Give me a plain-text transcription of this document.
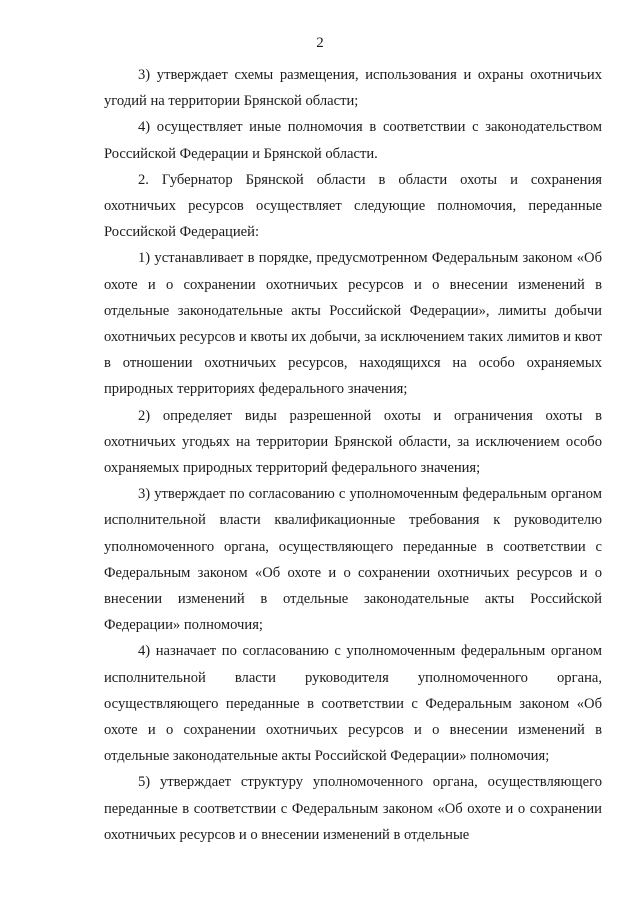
2

3) утверждает схемы размещения, использования и охраны охотничьих угодий на территории Брянской области;

4) осуществляет иные полномочия в соответствии с законодательством Российской Федерации и Брянской области.

2. Губернатор Брянской области в области охоты и сохранения охотничьих ресурсов осуществляет следующие полномочия, переданные Российской Федерацией:

1) устанавливает в порядке, предусмотренном Федеральным законом «Об охоте и о сохранении охотничьих ресурсов и о внесении изменений в отдельные законодательные акты Российской Федерации», лимиты добычи охотничьих ресурсов и квоты их добычи, за исключением таких лимитов и квот в отношении охотничьих ресурсов, находящихся на особо охраняемых природных территориях федерального значения;

2) определяет виды разрешенной охоты и ограничения охоты в охотничьих угодьях на территории Брянской области, за исключением особо охраняемых природных территорий федерального значения;

3) утверждает по согласованию с уполномоченным федеральным органом исполнительной власти квалификационные требования к руководителю уполномоченного органа, осуществляющего переданные в соответствии с Федеральным законом «Об охоте и о сохранении охотничьих ресурсов и о внесении изменений в отдельные законодательные акты Российской Федерации» полномочия;

4) назначает по согласованию с уполномоченным федеральным органом исполнительной власти руководителя уполномоченного органа, осуществляющего переданные в соответствии с Федеральным законом «Об охоте и о сохранении охотничьих ресурсов и о внесении изменений в отдельные законодательные акты Российской Федерации» полномочия;

5) утверждает структуру уполномоченного органа, осуществляющего переданные в соответствии с Федеральным законом «Об охоте и о сохранении охотничьих ресурсов и о внесении изменений в отдельные
